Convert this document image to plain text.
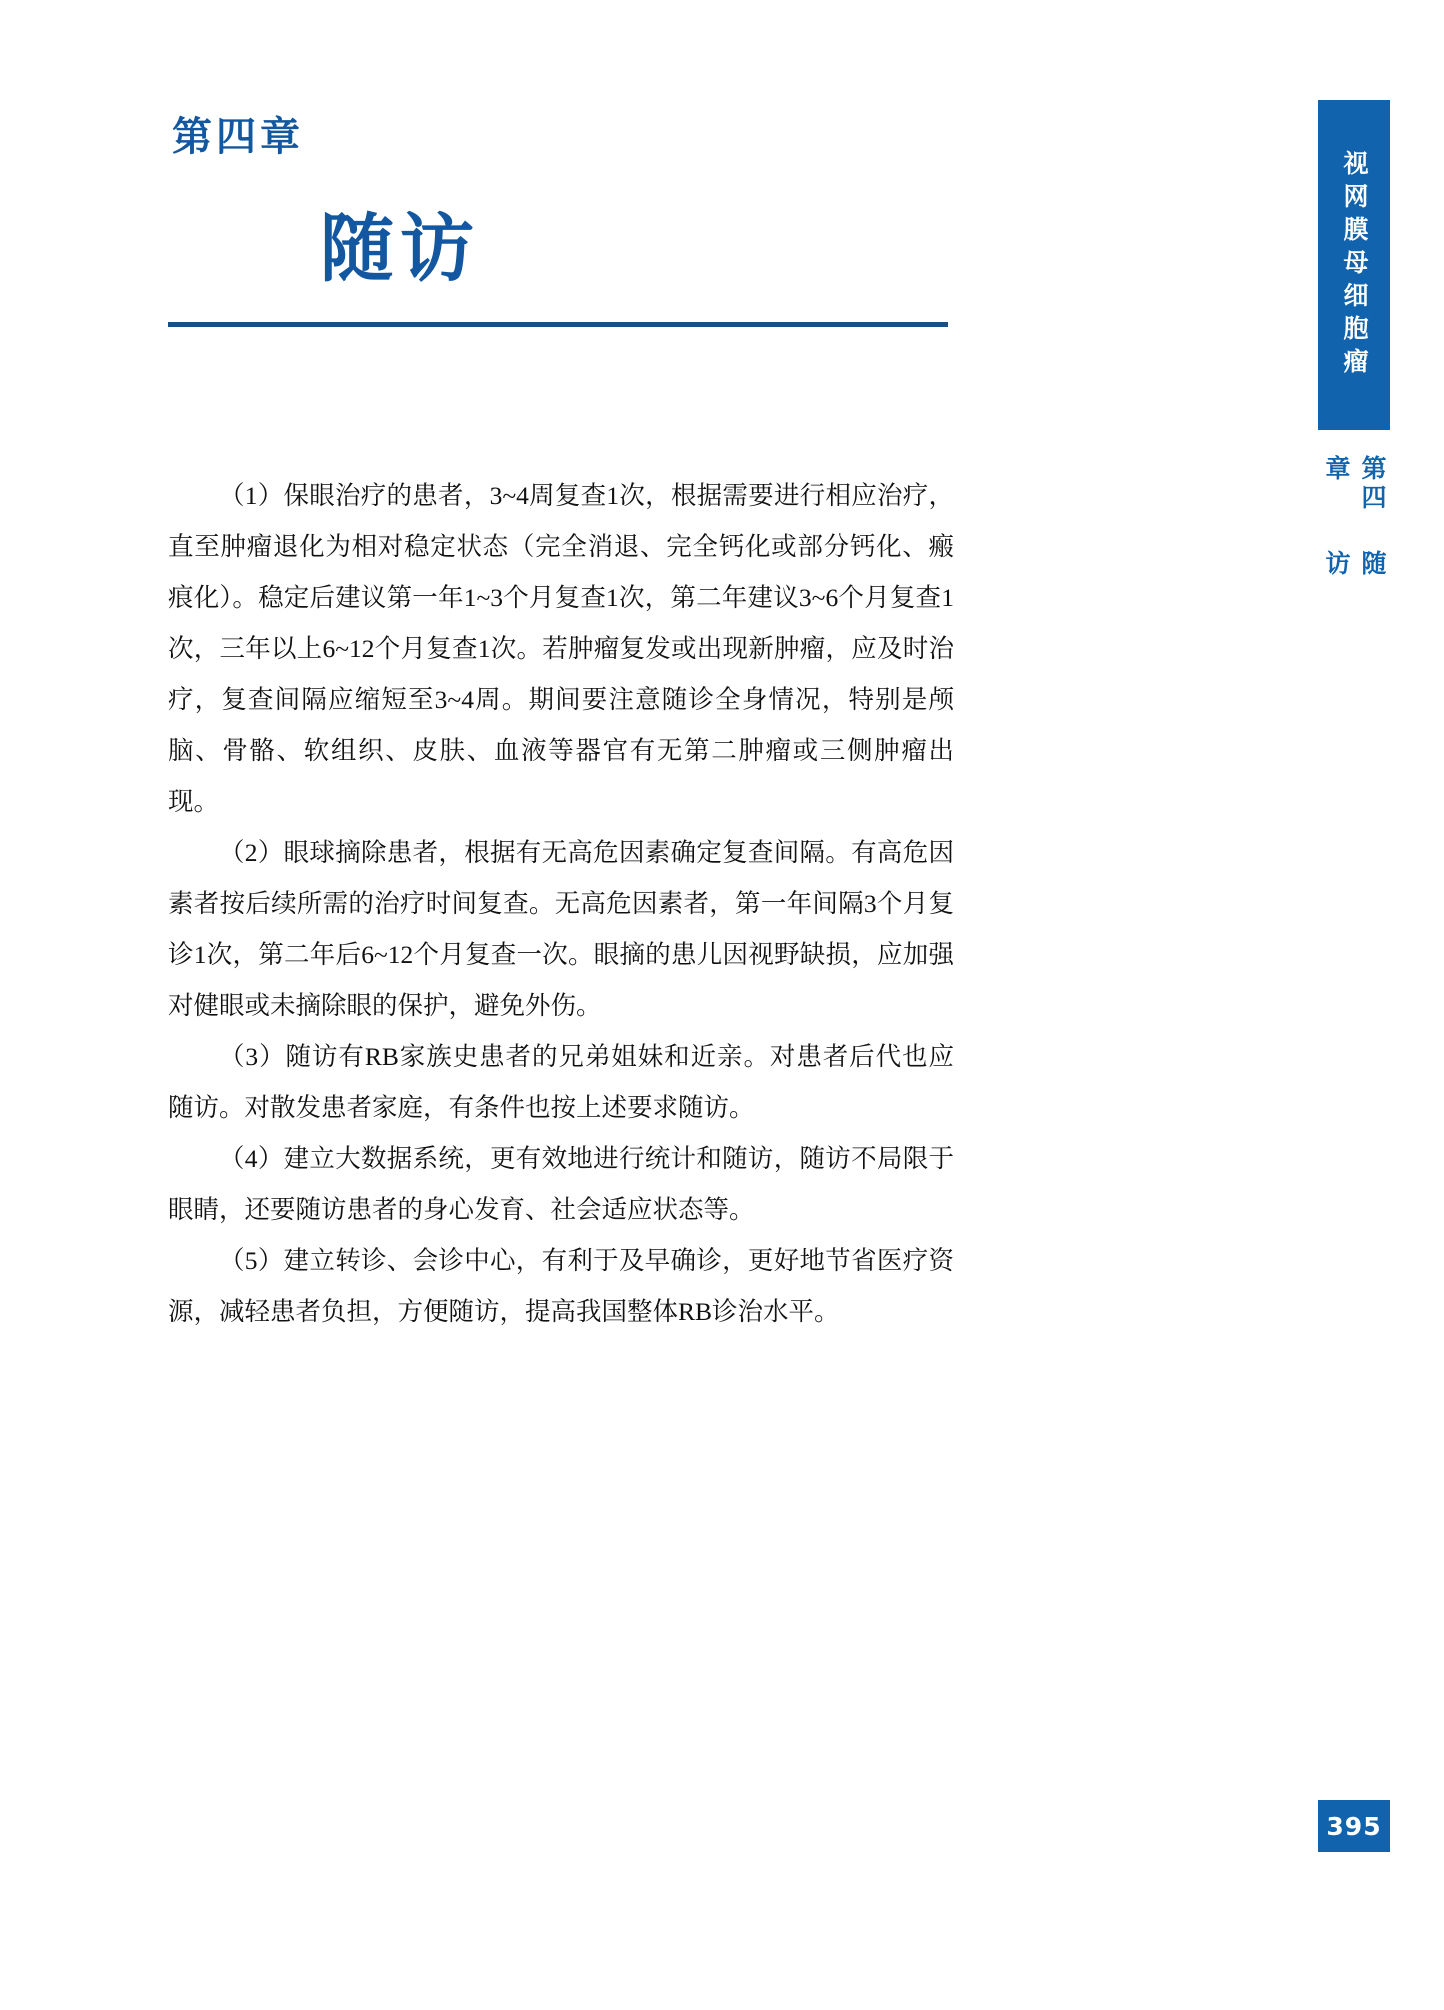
第四章
随访

（1）保眼治疗的患者，3~4周复查1次，根据需要进行相应治疗，直至肿瘤退化为相对稳定状态（完全消退、完全钙化或部分钙化、瘢痕化）。稳定后建议第一年1~3个月复查1次，第二年建议3~6个月复查1次，三年以上6~12个月复查1次。若肿瘤复发或出现新肿瘤，应及时治疗，复查间隔应缩短至3~4周。期间要注意随诊全身情况，特别是颅脑、骨骼、软组织、皮肤、血液等器官有无第二肿瘤或三侧肿瘤出现。

（2）眼球摘除患者，根据有无高危因素确定复查间隔。有高危因素者按后续所需的治疗时间复查。无高危因素者，第一年间隔3个月复诊1次，第二年后6~12个月复查一次。眼摘的患儿因视野缺损，应加强对健眼或未摘除眼的保护，避免外伤。

（3）随访有RB家族史患者的兄弟姐妹和近亲。对患者后代也应随访。对散发患者家庭，有条件也按上述要求随访。

（4）建立大数据系统，更有效地进行统计和随访，随访不局限于眼睛，还要随访患者的身心发育、社会适应状态等。

（5）建立转诊、会诊中心，有利于及早确诊，更好地节省医疗资源，减轻患者负担，方便随访，提高我国整体RB诊治水平。

视网膜母细胞瘤
第四章
随访
395
